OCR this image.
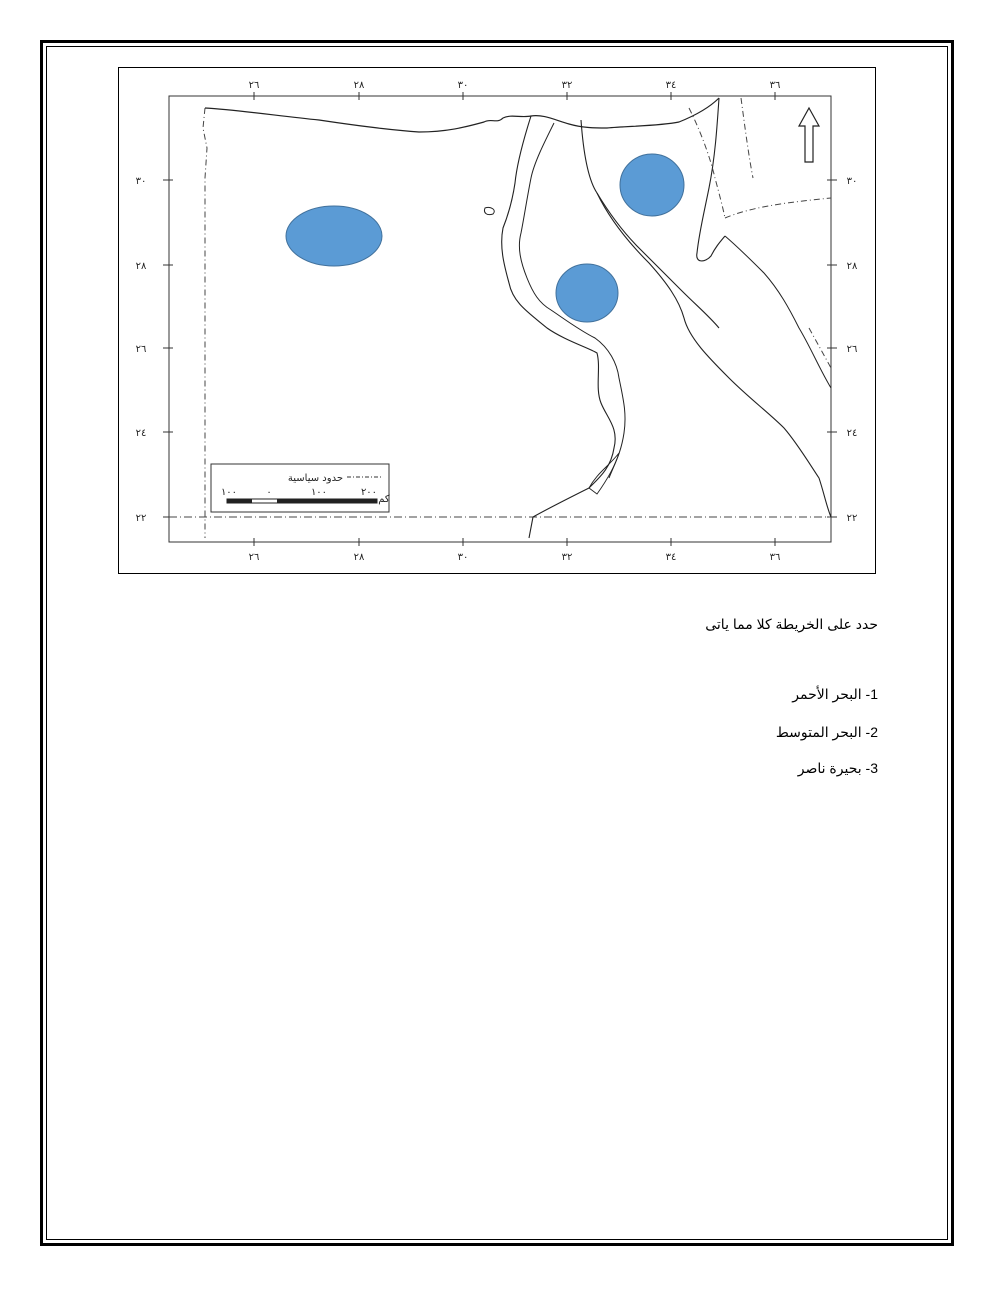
٢٦	٢٨	٣٠	٣٢	٣٤	٣٦
٢٦	٢٨	٣٠	٣٢	٣٤	٣٦
٣٠
٢٨
٢٦
٢٤
٢٢
٣٠
٢٨
٢٦
٢٤
٢٢
حدود سياسية
٢٠٠
١٠٠
٠
١٠٠
كم
حدد على الخريطة كلا مما ياتى
1- البحر الأحمر
2- البحر المتوسط
3- بحيرة ناصر
